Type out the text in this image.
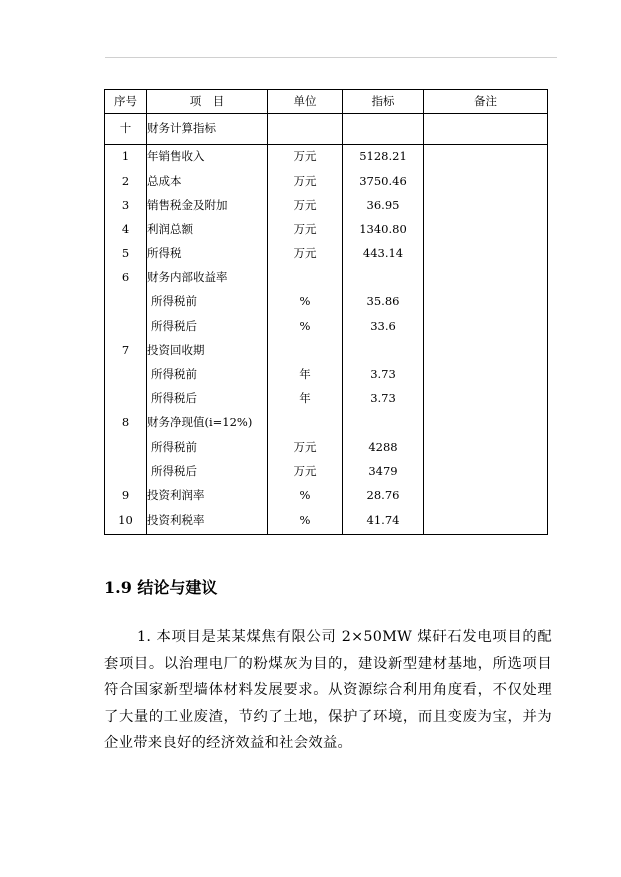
序号	项　目	单位	指标	备注
十	财务计算指标			
1	年销售收入	万元	5128.21	
2	总成本	万元	3750.46	
3	销售税金及附加	万元	36.95	
4	利润总额	万元	1340.80	
5	所得税	万元	443.14	
6	财务内部收益率			
	所得税前	%	35.86	
	所得税后	%	33.6	
7	投资回收期			
	所得税前	年	3.73	
	所得税后	年	3.73	
8	财务净现值(i=12%)			
	所得税前	万元	4288	
	所得税后	万元	3479	
9	投资利润率	%	28.76	
10	投资利税率	%	41.74	
1.9 结论与建议

1. 本项目是某某煤焦有限公司 2×50MW 煤矸石发电项目的配套项目。以治理电厂的粉煤灰为目的，建设新型建材基地，所选项目符合国家新型墙体材料发展要求。从资源综合利用角度看，不仅处理了大量的工业废渣，节约了土地，保护了环境，而且变废为宝，并为企业带来良好的经济效益和社会效益。
